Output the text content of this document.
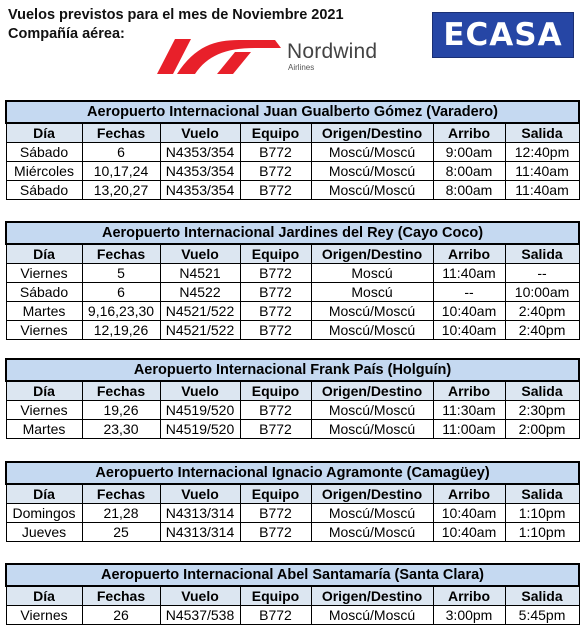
Vuelos previstos para el mes de Noviembre 2021
Compañía aérea:
Nordwind
Airlines
ECASA
Aeropuerto Internacional Juan Gualberto Gómez (Varadero)						
Día	Fechas	Vuelo	Equipo	Origen/Destino	Arribo	Salida
Sábado	6	N4353/354	B772	Moscú/Moscú	9:00am	12:40pm
Miércoles	10,17,24	N4353/354	B772	Moscú/Moscú	8:00am	11:40am
Sábado	13,20,27	N4353/354	B772	Moscú/Moscú	8:00am	11:40am
Aeropuerto Internacional Jardines del Rey (Cayo Coco)						
Día	Fechas	Vuelo	Equipo	Origen/Destino	Arribo	Salida
Viernes	5	N4521	B772	Moscú	11:40am	--
Sábado	6	N4522	B772	Moscú	--	10:00am
Martes	9,16,23,30	N4521/522	B772	Moscú/Moscú	10:40am	2:40pm
Viernes	12,19,26	N4521/522	B772	Moscú/Moscú	10:40am	2:40pm
Aeropuerto Internacional Frank País (Holguín)						
Día	Fechas	Vuelo	Equipo	Origen/Destino	Arribo	Salida
Viernes	19,26	N4519/520	B772	Moscú/Moscú	11:30am	2:30pm
Martes	23,30	N4519/520	B772	Moscú/Moscú	11:00am	2:00pm
Aeropuerto Internacional Ignacio Agramonte (Camagüey)						
Día	Fechas	Vuelo	Equipo	Origen/Destino	Arribo	Salida
Domingos	21,28	N4313/314	B772	Moscú/Moscú	10:40am	1:10pm
Jueves	25	N4313/314	B772	Moscú/Moscú	10:40am	1:10pm
Aeropuerto Internacional Abel Santamaría (Santa Clara)						
Día	Fechas	Vuelo	Equipo	Origen/Destino	Arribo	Salida
Viernes	26	N4537/538	B772	Moscú/Moscú	3:00pm	5:45pm
